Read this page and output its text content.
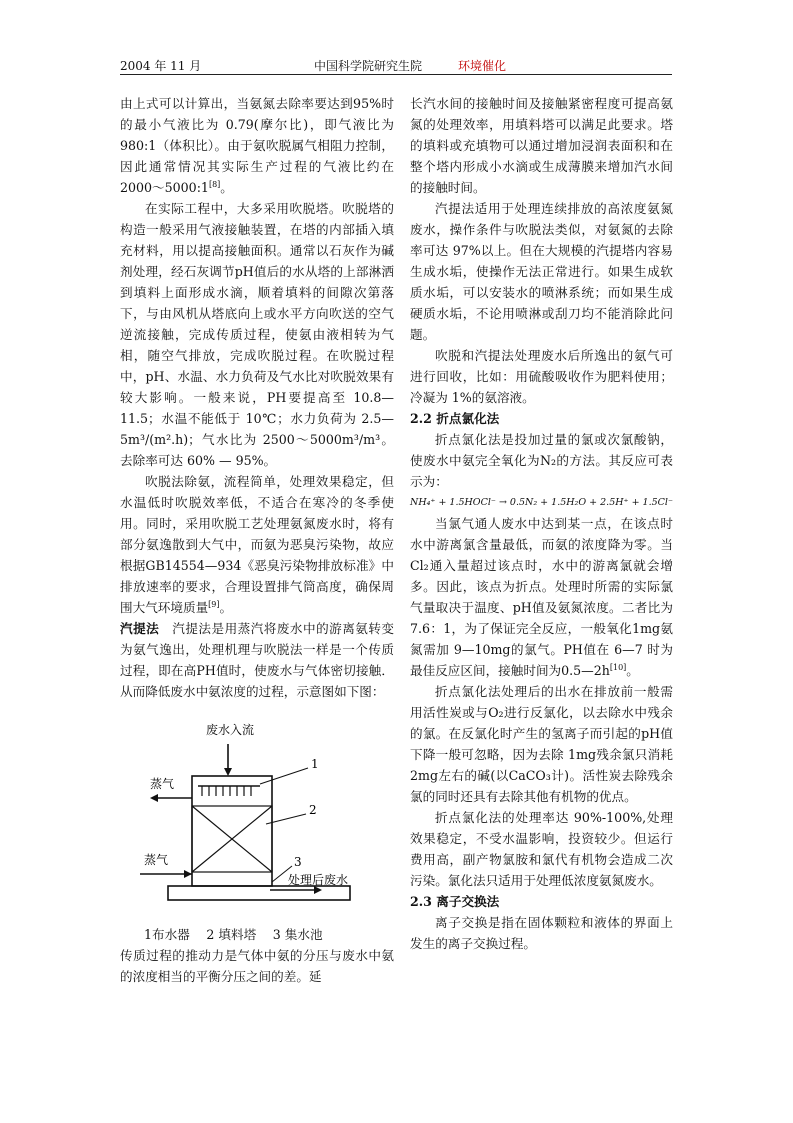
2004 年 11 月	中国科学院研究生院	环境催化

由上式可以计算出，当氨氮去除率要达到95%时的最小气液比为 0.79(摩尔比)，即气液比为 980:1（体积比）。由于氨吹脱属气相阻力控制，因此通常情况其实际生产过程的气液比约在 2000～5000:1[8]。

在实际工程中，大多采用吹脱塔。吹脱塔的构造一般采用气液接触装置，在塔的内部插入填充材料，用以提高接触面积。通常以石灰作为碱剂处理，经石灰调节pH值后的水从塔的上部淋洒到填料上面形成水滴，顺着填料的间隙次第落下，与由风机从塔底向上或水平方向吹送的空气逆流接触，完成传质过程，使氨由液相转为气相，随空气排放，完成吹脱过程。在吹脱过程中，pH、水温、水力负荷及气水比对吹脱效果有较大影响。一般来说，PH要提高至 10.8—11.5；水温不能低于 10℃；水力负荷为 2.5—5m³/(m².h)；气水比为 2500～5000m³/m³。去除率可达 60% — 95%。

吹脱法除氨，流程简单，处理效果稳定，但水温低时吹脱效率低，不适合在寒冷的冬季使用。同时，采用吹脱工艺处理氨氮废水时，将有部分氨逸散到大气中，而氨为恶臭污染物，故应根据GB14554—934《恶臭污染物排放标准》中排放速率的要求，合理设置排气筒高度，确保周围大气环境质量[9]。

汽提法　汽提法是用蒸汽将废水中的游离氨转变为氨气逸出，处理机理与吹脱法一样是一个传质过程，即在高PH值时，使废水与气体密切接触．从而降低废水中氨浓度的过程，示意图如下图：

废水入流
蒸气
蒸气
处理后废水
1
2
3

1布水器　 2 填料塔　 3 集水池

传质过程的推动力是气体中氨的分压与废水中氨的浓度相当的平衡分压之间的差。延

长汽水间的接触时间及接触紧密程度可提高氨氮的处理效率，用填料塔可以满足此要求。塔的填料或充填物可以通过增加浸润表面积和在整个塔内形成小水滴或生成薄膜来增加汽水间的接触时间。

汽提法适用于处理连续排放的高浓度氨氮废水，操作条件与吹脱法类似，对氨氮的去除率可达 97%以上。但在大规模的汽提塔内容易生成水垢，使操作无法正常进行。如果生成软质水垢，可以安装水的喷淋系统；而如果生成硬质水垢，不论用喷淋或刮刀均不能消除此问题。

吹脱和汽提法处理废水后所逸出的氨气可进行回收，比如：用硫酸吸收作为肥料使用；冷凝为 1%的氨溶液。

2.2 折点氯化法

折点氯化法是投加过量的氯或次氯酸钠，使废水中氨完全氧化为N₂的方法。其反应可表示为：

NH₄⁺ + 1.5HOCl⁻ → 0.5N₂ + 1.5H₂O + 2.5H⁺ + 1.5Cl⁻

当氯气通人废水中达到某一点，在该点时水中游离氯含量最低，而氨的浓度降为零。当Cl₂通入量超过该点时，水中的游离氯就会增多。因此，该点为折点。处理时所需的实际氯气量取决于温度、pH值及氨氮浓度。二者比为 7.6：1，为了保证完全反应，一般氧化1mg氨氮需加 9—10mg的氯气。PH值在 6—7 时为最佳反应区间，接触时间为0.5—2h[10]。

折点氯化法处理后的出水在排放前一般需用活性炭或与O₂进行反氯化，以去除水中残余的氯。在反氯化时产生的氢离子而引起的pH值下降一般可忽略，因为去除 1mg残余氯只消耗 2mg左右的碱(以CaCO₃计)。活性炭去除残余氯的同时还具有去除其他有机物的优点。

折点氯化法的处理率达 90%-100%,处理效果稳定，不受水温影响，投资较少。但运行费用高，副产物氯胺和氯代有机物会造成二次污染。氯化法只适用于处理低浓度氨氮废水。

2.3 离子交换法

离子交换是指在固体颗粒和液体的界面上发生的离子交换过程。
